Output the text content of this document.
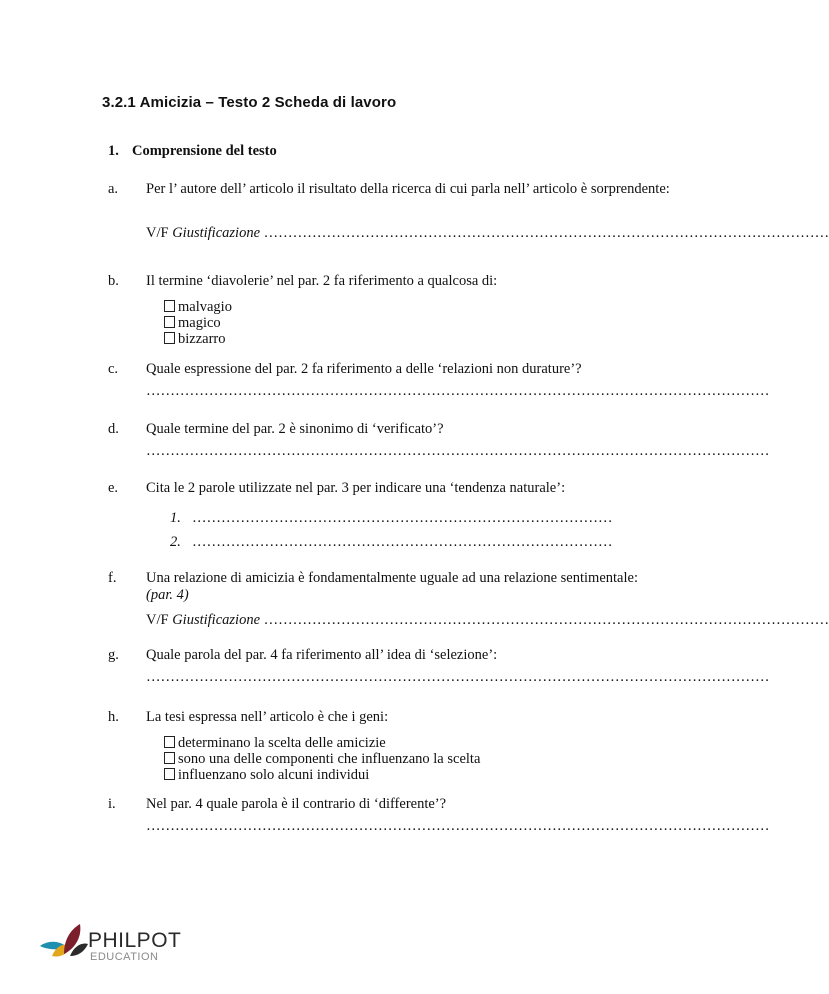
3.2.1 Amicizia – Testo 2 Scheda di lavoro
1. Comprensione del testo
a. Per l’ autore dell’ articolo il risultato della ricerca di cui parla nell’ articolo è sorprendente:
V/F Giustificazione ………………………………………………………………………………………………………
b. Il termine ‘diavolerie’ nel par. 2 fa riferimento a qualcosa di:
malvagio
magico
bizzarro
c. Quale espressione del par. 2 fa riferimento a delle ‘relazioni non durature’?
…………………………………………………………………………………………………………………
d. Quale termine del par. 2 è sinonimo di ‘verificato’?
…………………………………………………………………………………………………………………
e. Cita le 2 parole utilizzate nel par. 3 per indicare una ‘tendenza naturale’:
1. ……………………………………………………………………………
2. ……………………………………………………………………………
f. Una relazione di amicizia è fondamentalmente uguale ad una relazione sentimentale:
(par. 4)
V/F Giustificazione ………………………………………………………………………………………………………
g. Quale parola del par. 4 fa riferimento all’ idea di ‘selezione’:
…………………………………………………………………………………………………………………
h. La tesi espressa nell’ articolo è che i geni:
determinano la scelta delle amicizie
sono una delle componenti che influenzano la scelta
influenzano solo alcuni individui
i. Nel par. 4 quale parola è il contrario di ‘differente’?
…………………………………………………………………………………………………………………
PHILPOT
EDUCATION
